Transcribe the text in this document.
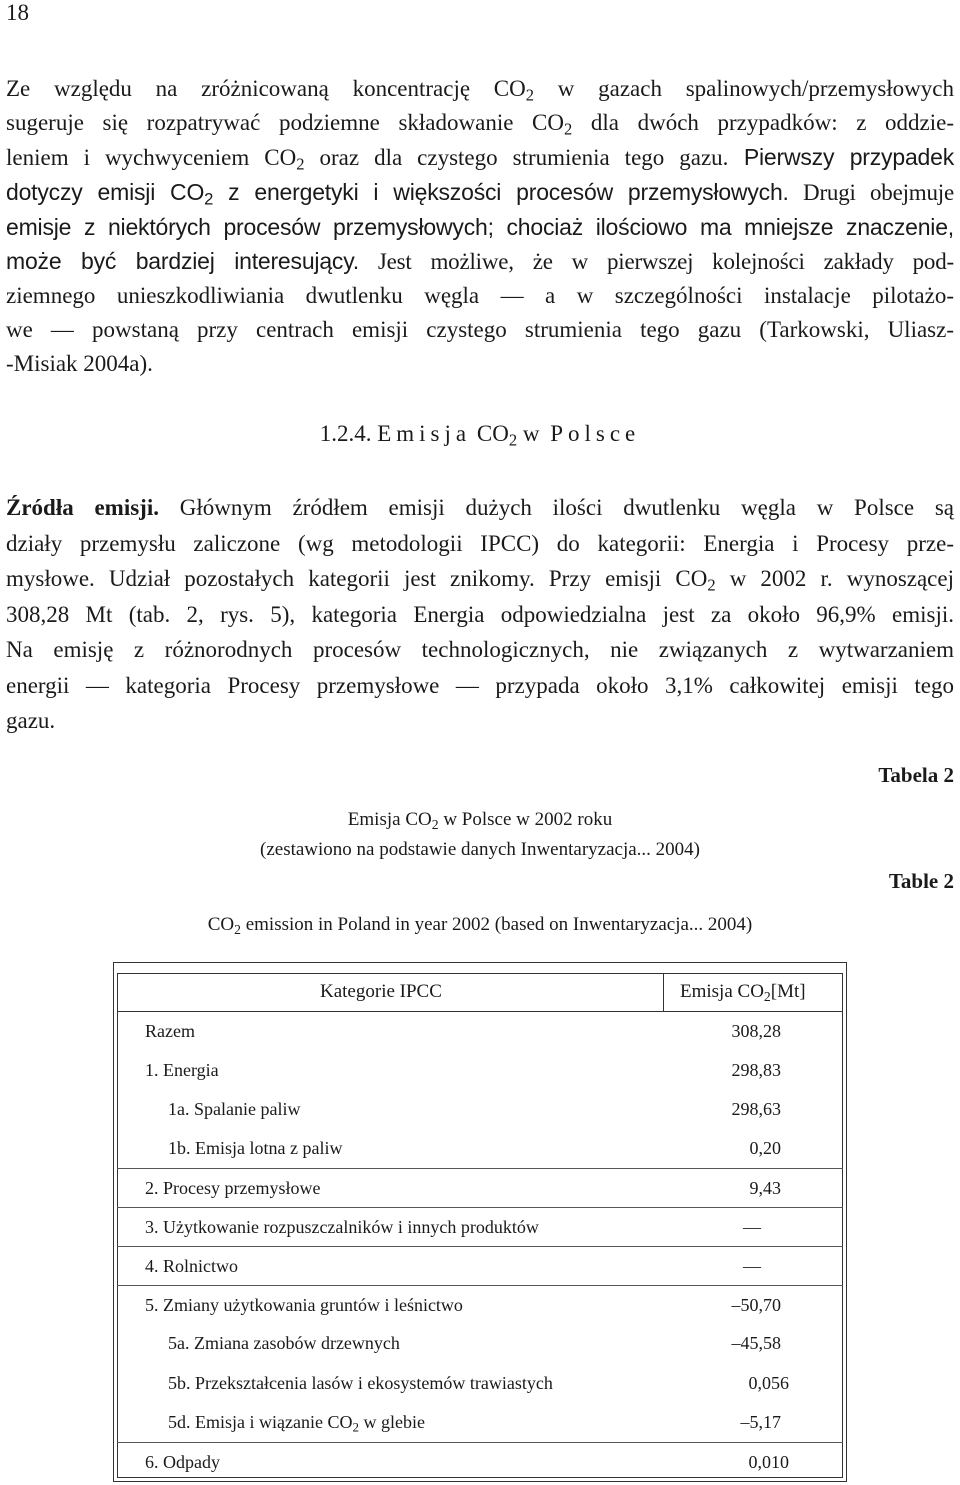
18
Ze względu na zróżnicowaną koncentrację $CO_2$ w gazach spalinowych/przemysłowych
sugeruje się rozpatrywać podziemne składowanie $CO_2$ dla dwóch przypadków: z oddzie-
leniem i wychwyceniem $CO_2$ oraz dla czystego strumienia tego gazu. Pierwszy przypadek
dotyczy emisji $CO_2$ z energetyki i większości procesów przemysłowych. Drugi obejmuje
emisje z niektórych procesów przemysłowych; chociaż ilościowo ma mniejsze znaczenie,
może być bardziej interesujący. Jest możliwe, że w pierwszej kolejności zakłady pod-
ziemnego unieszkodliwiania dwutlenku węgla — a w szczególności instalacje pilotażo-
we — powstaną przy centrach emisji czystego strumienia tego gazu (Tarkowski, Uliasz-
-Misiak 2004a).
1.2.4. Emisja $CO_2$ w Polsce
Źródła emisji. Głównym źródłem emisji dużych ilości dwutlenku węgla w Polsce są
działy przemysłu zaliczone (wg metodologii IPCC) do kategorii: Energia i Procesy prze-
mysłowe. Udział pozostałych kategorii jest znikomy. Przy emisji $CO_2$ w 2002 r. wynoszącej
308,28 Mt (tab. 2, rys. 5), kategoria Energia odpowiedzialna jest za około 96,9% emisji.
Na emisję z różnorodnych procesów technologicznych, nie związanych z wytwarzaniem
energii — kategoria Procesy przemysłowe — przypada około 3,1% całkowitej emisji tego
gazu.
Tabela 2
Table 2
Emisja $CO_2$ w Polsce w 2002 roku
(zestawiono na podstawie danych Inwentaryzacja... 2004)
$CO_2$ emission in Poland in year 2002 (based on Inwentaryzacja... 2004)
Kategorie IPCC	Emisja $CO_2[Mt]$
Razem	308,28
1. Energia	298,83
1a. Spalanie paliw	298,63
1b. Emisja lotna z paliw	0,20
2. Procesy przemysłowe	9,43
3. Użytkowanie rozpuszczalników i innych produktów	—
4. Rolnictwo	—
5. Zmiany użytkowania gruntów i leśnictwo	–50,70
5a. Zmiana zasobów drzewnych	–45,58
5b. Przekształcenia lasów i ekosystemów trawiastych	0,056
5d. Emisja i wiązanie $CO_2$ w glebie	–5,17
6. Odpady	0,010
